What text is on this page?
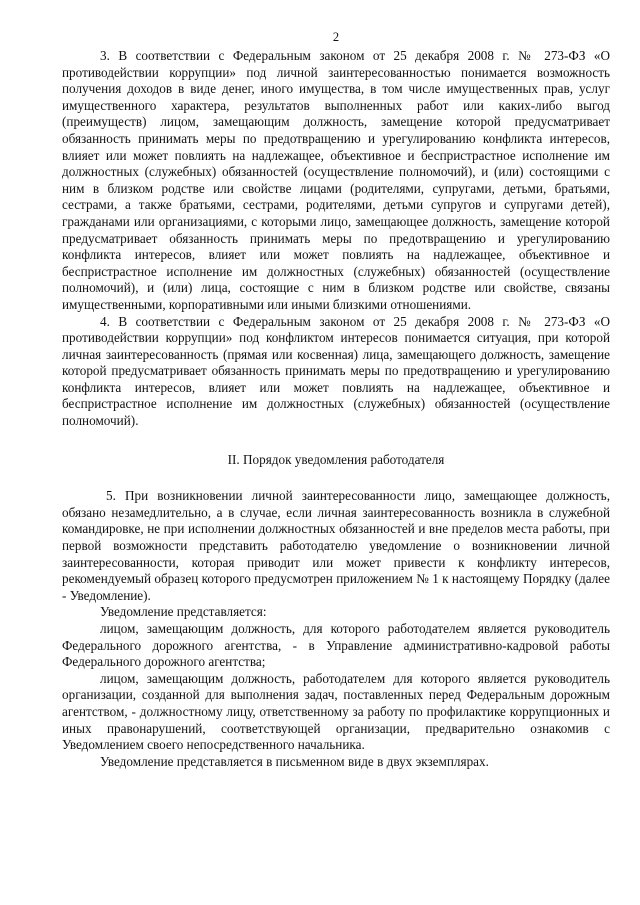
2

3. В соответствии с Федеральным законом от 25 декабря 2008 г. № 273-ФЗ «О противодействии коррупции» под личной заинтересованностью понимается возможность получения доходов в виде денег, иного имущества, в том числе имущественных прав, услуг имущественного характера, результатов выполненных работ или каких-либо выгод (преимуществ) лицом, замещающим должность, замещение которой предусматривает обязанность принимать меры по предотвращению и урегулированию конфликта интересов, влияет или может повлиять на надлежащее, объективное и беспристрастное исполнение им должностных (служебных) обязанностей (осуществление полномочий), и (или) состоящими с ним в близком родстве или свойстве лицами (родителями, супругами, детьми, братьями, сестрами, а также братьями, сестрами, родителями, детьми супругов и супругами детей), гражданами или организациями, с которыми лицо, замещающее должность, замещение которой предусматривает обязанность принимать меры по предотвращению и урегулированию конфликта интересов, влияет или может повлиять на надлежащее, объективное и беспристрастное исполнение им должностных (служебных) обязанностей (осуществление полномочий), и (или) лица, состоящие с ним в близком родстве или свойстве, связаны имущественными, корпоративными или иными близкими отношениями.

4. В соответствии с Федеральным законом от 25 декабря 2008 г. № 273-ФЗ «О противодействии коррупции» под конфликтом интересов понимается ситуация, при которой личная заинтересованность (прямая или косвенная) лица, замещающего должность, замещение которой предусматривает обязанность принимать меры по предотвращению и урегулированию конфликта интересов, влияет или может повлиять на надлежащее, объективное и беспристрастное исполнение им должностных (служебных) обязанностей (осуществление полномочий).

II. Порядок уведомления работодателя

5. При возникновении личной заинтересованности лицо, замещающее должность, обязано незамедлительно, а в случае, если личная заинтересованность возникла в служебной командировке, не при исполнении должностных обязанностей и вне пределов места работы, при первой возможности представить работодателю уведомление о возникновении личной заинтересованности, которая приводит или может привести к конфликту интересов, рекомендуемый образец которого предусмотрен приложением № 1 к настоящему Порядку (далее - Уведомление).

Уведомление представляется:

лицом, замещающим должность, для которого работодателем является руководитель Федерального дорожного агентства, - в Управление административно-кадровой работы Федерального дорожного агентства;

лицом, замещающим должность, работодателем для которого является руководитель организации, созданной для выполнения задач, поставленных перед Федеральным дорожным агентством, - должностному лицу, ответственному за работу по профилактике коррупционных и иных правонарушений, соответствующей организации, предварительно ознакомив с Уведомлением своего непосредственного начальника.

Уведомление представляется в письменном виде в двух экземплярах.
